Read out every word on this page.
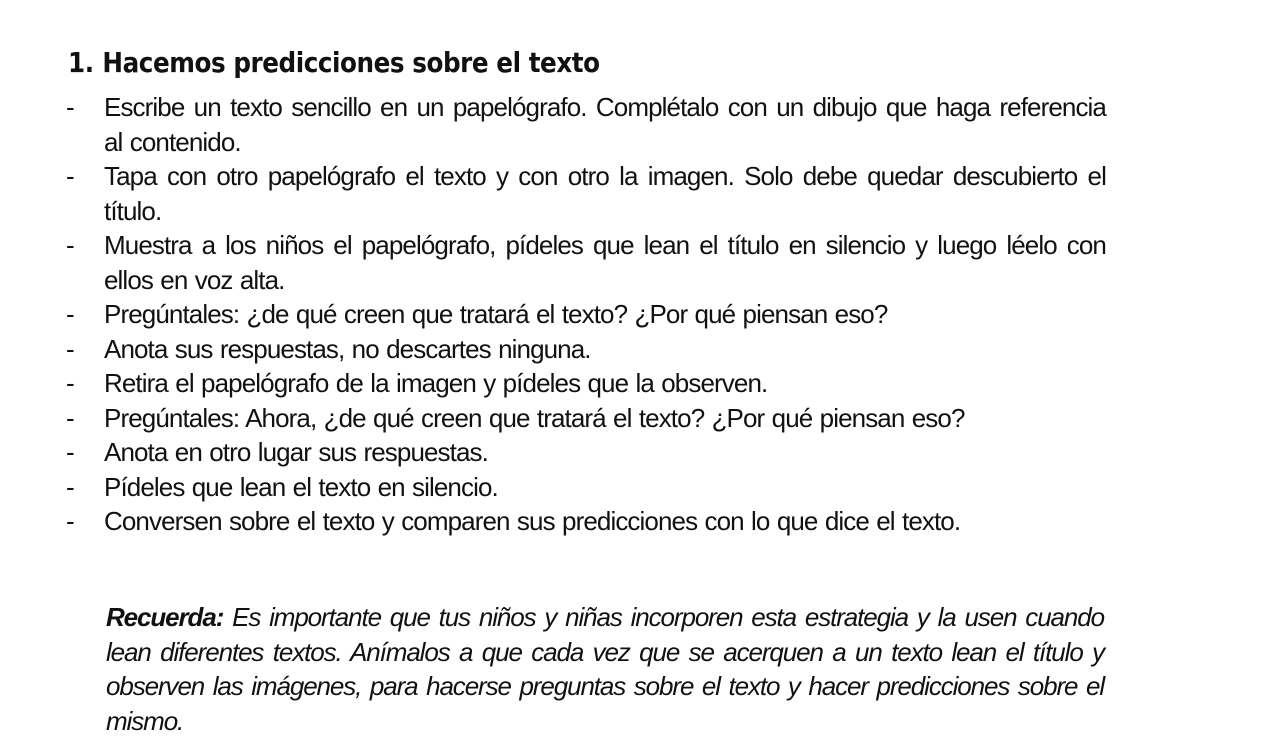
1. Hacemos predicciones sobre el texto
-	Escribe un texto sencillo en un papelógrafo. Complétalo con un dibujo que haga referencia al contenido.
-	Tapa con otro papelógrafo el texto y con otro la imagen. Solo debe quedar descubierto el título.
-	Muestra a los niños el papelógrafo, pídeles que lean el título en silencio y luego léelo con ellos en voz alta.
-	Pregúntales: ¿de qué creen que tratará el texto? ¿Por qué piensan eso?
-	Anota sus respuestas, no descartes ninguna.
-	Retira el papelógrafo de la imagen y pídeles que la observen.
-	Pregúntales: Ahora, ¿de qué creen que tratará el texto? ¿Por qué piensan eso?
-	Anota en otro lugar sus respuestas.
-	Pídeles que lean el texto en silencio.
-	Conversen sobre el texto y comparen sus predicciones con lo que dice el texto.

Recuerda: Es importante que tus niños y niñas incorporen esta estrategia y la usen cuando lean diferentes textos. Anímalos a que cada vez que se acerquen a un texto lean el título y observen las imágenes, para hacerse preguntas sobre el texto y hacer predicciones sobre el mismo.
